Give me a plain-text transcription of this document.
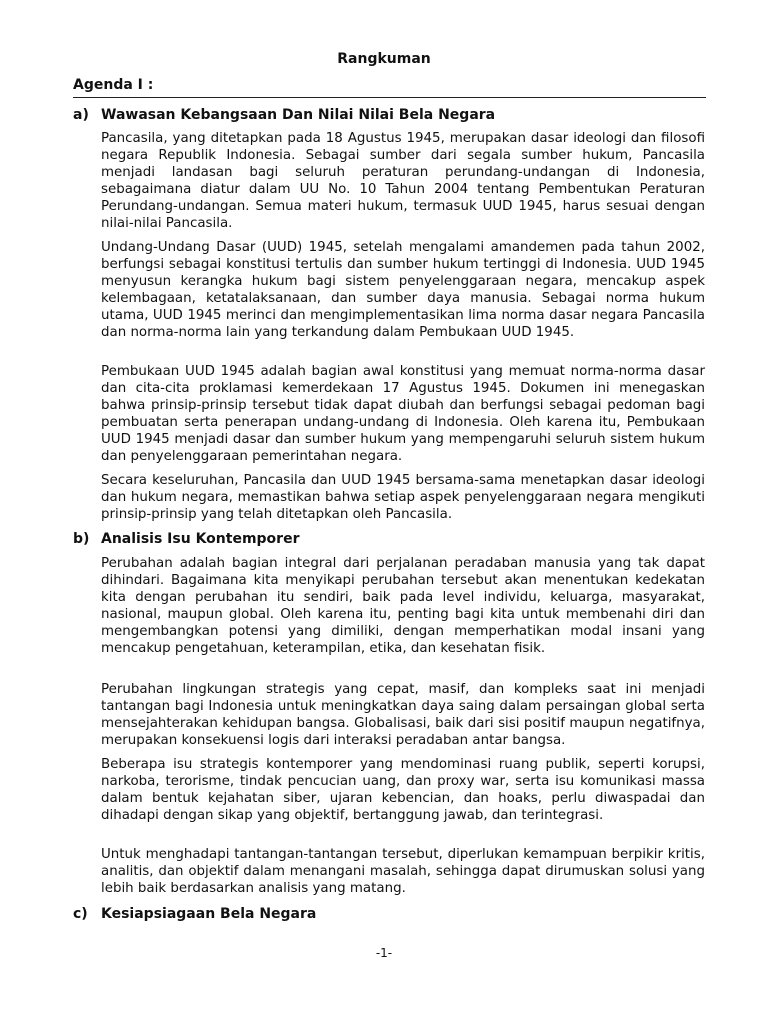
Rangkuman
Agenda I :
a) Wawasan Kebangsaan Dan Nilai Nilai Bela Negara

Pancasila, yang ditetapkan pada 18 Agustus 1945, merupakan dasar ideologi dan filosofi negara Republik Indonesia. Sebagai sumber dari segala sumber hukum, Pancasila menjadi landasan bagi seluruh peraturan perundang-undangan di Indonesia, sebagaimana diatur dalam UU No. 10 Tahun 2004 tentang Pembentukan Peraturan Perundang-undangan. Semua materi hukum, termasuk UUD 1945, harus sesuai dengan nilai-nilai Pancasila.

Undang-Undang Dasar (UUD) 1945, setelah mengalami amandemen pada tahun 2002, berfungsi sebagai konstitusi tertulis dan sumber hukum tertinggi di Indonesia. UUD 1945 menyusun kerangka hukum bagi sistem penyelenggaraan negara, mencakup aspek kelembagaan, ketatalaksanaan, dan sumber daya manusia. Sebagai norma hukum utama, UUD 1945 merinci dan mengimplementasikan lima norma dasar negara Pancasila dan norma-norma lain yang terkandung dalam Pembukaan UUD 1945.

Pembukaan UUD 1945 adalah bagian awal konstitusi yang memuat norma-norma dasar dan cita-cita proklamasi kemerdekaan 17 Agustus 1945. Dokumen ini menegaskan bahwa prinsip-prinsip tersebut tidak dapat diubah dan berfungsi sebagai pedoman bagi pembuatan serta penerapan undang-undang di Indonesia. Oleh karena itu, Pembukaan UUD 1945 menjadi dasar dan sumber hukum yang mempengaruhi seluruh sistem hukum dan penyelenggaraan pemerintahan negara.

Secara keseluruhan, Pancasila dan UUD 1945 bersama-sama menetapkan dasar ideologi dan hukum negara, memastikan bahwa setiap aspek penyelenggaraan negara mengikuti prinsip-prinsip yang telah ditetapkan oleh Pancasila.

b) Analisis Isu Kontemporer

Perubahan adalah bagian integral dari perjalanan peradaban manusia yang tak dapat dihindari. Bagaimana kita menyikapi perubahan tersebut akan menentukan kedekatan kita dengan perubahan itu sendiri, baik pada level individu, keluarga, masyarakat, nasional, maupun global. Oleh karena itu, penting bagi kita untuk membenahi diri dan mengembangkan potensi yang dimiliki, dengan memperhatikan modal insani yang mencakup pengetahuan, keterampilan, etika, dan kesehatan fisik.

Perubahan lingkungan strategis yang cepat, masif, dan kompleks saat ini menjadi tantangan bagi Indonesia untuk meningkatkan daya saing dalam persaingan global serta mensejahterakan kehidupan bangsa. Globalisasi, baik dari sisi positif maupun negatifnya, merupakan konsekuensi logis dari interaksi peradaban antar bangsa.

Beberapa isu strategis kontemporer yang mendominasi ruang publik, seperti korupsi, narkoba, terorisme, tindak pencucian uang, dan proxy war, serta isu komunikasi massa dalam bentuk kejahatan siber, ujaran kebencian, dan hoaks, perlu diwaspadai dan dihadapi dengan sikap yang objektif, bertanggung jawab, dan terintegrasi.

Untuk menghadapi tantangan-tantangan tersebut, diperlukan kemampuan berpikir kritis, analitis, dan objektif dalam menangani masalah, sehingga dapat dirumuskan solusi yang lebih baik berdasarkan analisis yang matang.

c) Kesiapsiagaan Bela Negara
-1-
